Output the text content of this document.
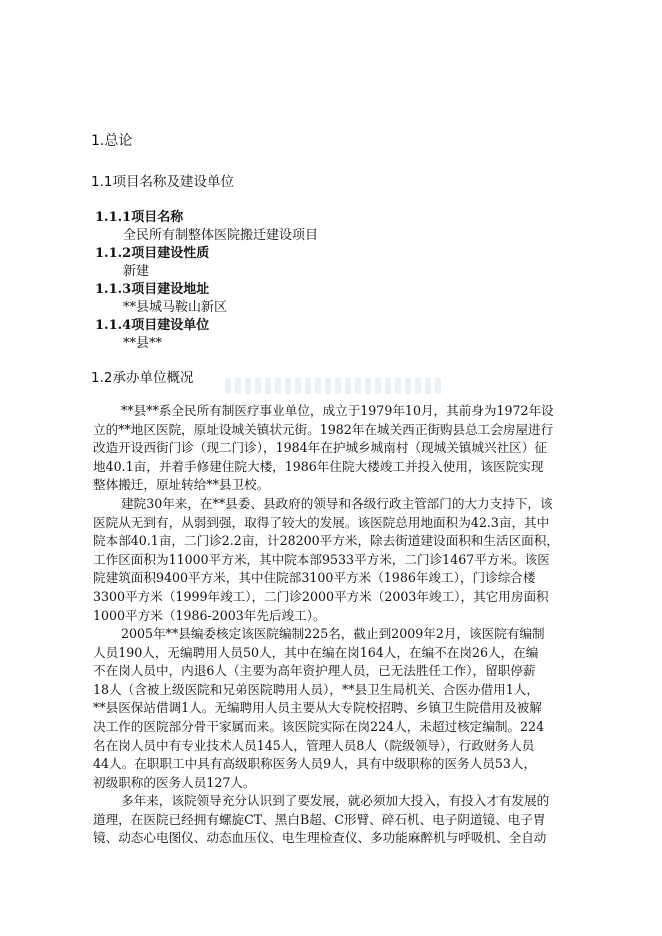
1.总论

1.1项目名称及建设单位

1.1.1项目名称

全民所有制整体医院搬迁建设项目

1.1.2项目建设性质

新建

1.1.3项目建设地址

**县城马鞍山新区

1.1.4项目建设单位

**县**

1.2承办单位概况

**县**系全民所有制医疗事业单位，成立于1979年10月，其前身为1972年设
立的**地区医院，原址设城关镇状元街。1982年在城关西正街购县总工会房屋进行
改造开设西街门诊（现二门诊），1984年在护城乡城南村（现城关镇城兴社区）征
地40.1亩，并着手修建住院大楼，1986年住院大楼竣工并投入使用，该医院实现
整体搬迁，原址转给**县卫校。
建院30年来，在**县委、县政府的领导和各级行政主管部门的大力支持下，该
医院从无到有，从弱到强，取得了较大的发展。该医院总用地面积为42.3亩，其中
院本部40.1亩，二门诊2.2亩，计28200平方米，除去街道建设面积和生活区面积，
工作区面积为11000平方米，其中院本部9533平方米，二门诊1467平方米。该医
院建筑面积9400平方米，其中住院部3100平方米（1986年竣工），门诊综合楼
3300平方米（1999年竣工），二门诊2000平方米（2003年竣工），其它用房面积
1000平方米（1986-2003年先后竣工）。
2005年**县编委核定该医院编制225名，截止到2009年2月，该医院有编制
人员190人，无编聘用人员50人，其中在编在岗164人，在编不在岗26人，在编
不在岗人员中，内退6人（主要为高年资护理人员，已无法胜任工作），留职停薪
18人（含被上级医院和兄弟医院聘用人员），**县卫生局机关、合医办借用1人，
**县医保站借调1人。无编聘用人员主要从大专院校招聘、乡镇卫生院借用及被解
决工作的医院部分骨干家属而来。该医院实际在岗224人，未超过核定编制。224
名在岗人员中有专业技术人员145人，管理人员8人（院级领导），行政财务人员
44人。在职职工中具有高级职称医务人员9人，具有中级职称的医务人员53人，
初级职称的医务人员127人。
多年来，该院领导充分认识到了要发展，就必须加大投入，有投入才有发展的
道理，在医院已经拥有螺旋CT、黑白B超、C形臂、碎石机、电子阴道镜、电子胃
镜、动态心电图仪、动态血压仪、电生理检查仪、多功能麻醉机与呼吸机、全自动
